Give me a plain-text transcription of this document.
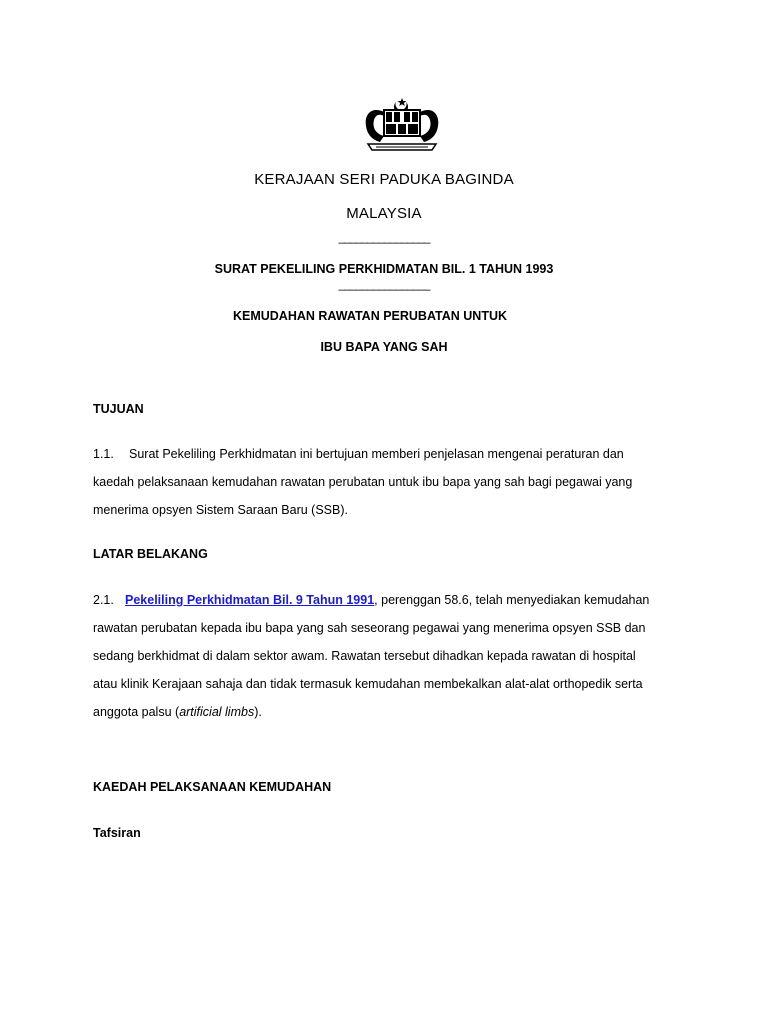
KERAJAAN SERI PADUKA BAGINDA
MALAYSIA
________________
SURAT PEKELILING PERKHIDMATAN BIL. 1 TAHUN 1993
________________
KEMUDAHAN RAWATAN PERUBATAN UNTUK
IBU BAPA YANG SAH
TUJUAN
1.1. Surat Pekeliling Perkhidmatan ini bertujuan memberi penjelasan mengenai peraturan dan
kaedah pelaksanaan kemudahan rawatan perubatan untuk ibu bapa yang sah bagi pegawai yang
menerima opsyen Sistem Saraan Baru (SSB).
LATAR BELAKANG
2.1. Pekeliling Perkhidmatan Bil. 9 Tahun 1991, perenggan 58.6, telah menyediakan kemudahan
rawatan perubatan kepada ibu bapa yang sah seseorang pegawai yang menerima opsyen SSB dan
sedang berkhidmat di dalam sektor awam. Rawatan tersebut dihadkan kepada rawatan di hospital
atau klinik Kerajaan sahaja dan tidak termasuk kemudahan membekalkan alat-alat orthopedik serta
anggota palsu (artificial limbs).
KAEDAH PELAKSANAAN KEMUDAHAN
Tafsiran
